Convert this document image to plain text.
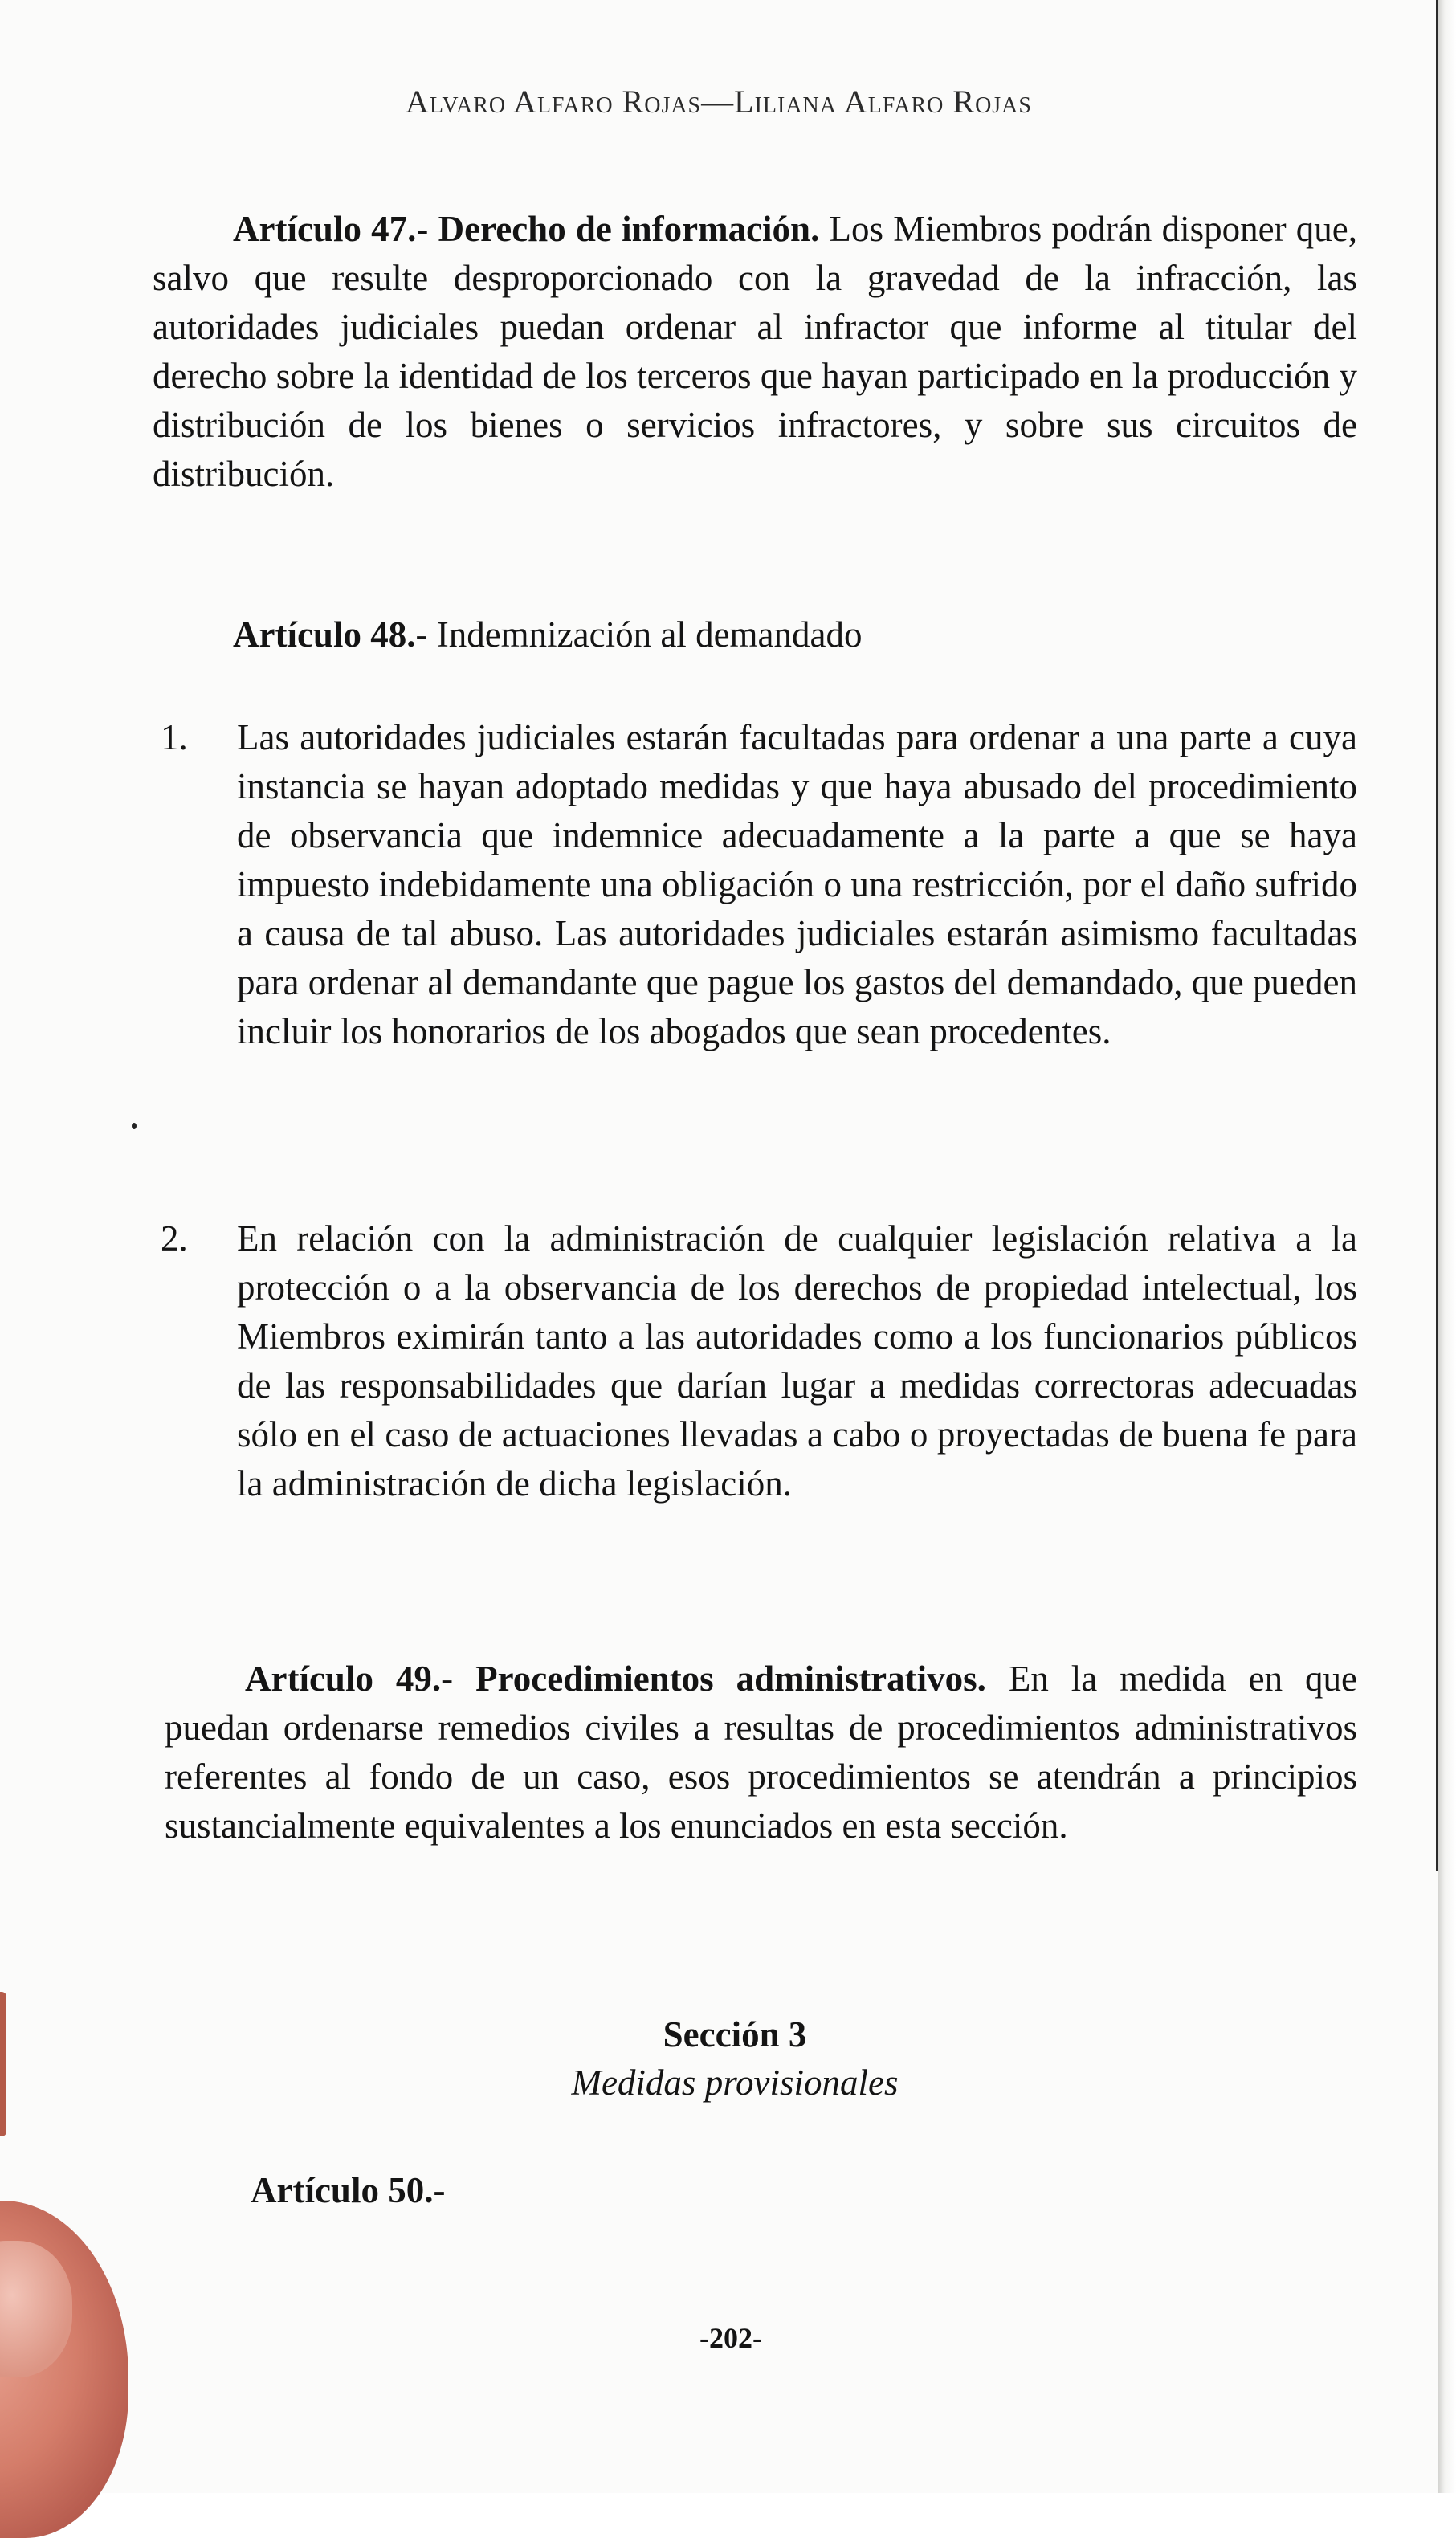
Alvaro Alfaro Rojas—Liliana Alfaro Rojas

Artículo 47.- Derecho de información. Los Miembros podrán disponer que, salvo que resulte desproporcionado con la gravedad de la infracción, las autoridades judiciales puedan ordenar al infractor que informe al titular del derecho sobre la identidad de los terceros que hayan participado en la producción y distribución de los bienes o servicios infractores, y sobre sus circuitos de distribución.

Artículo 48.- Indemnización al demandado
1. Las autoridades judiciales estarán facultadas para ordenar a una parte a cuya instancia se hayan adoptado medidas y que haya abusado del procedimiento de observancia que indemnice adecuadamente a la parte a que se haya impuesto indebidamente una obligación o una restricción, por el daño sufrido a causa de tal abuso. Las autoridades judiciales estarán asimismo facultadas para ordenar al demandante que pague los gastos del demandado, que pueden incluir los honorarios de los abogados que sean procedentes.
2. En relación con la administración de cualquier legislación relativa a la protección o a la observancia de los derechos de propiedad intelectual, los Miembros eximirán tanto a las autoridades como a los funcionarios públicos de las responsabilidades que darían lugar a medidas correctoras adecuadas sólo en el caso de actuaciones llevadas a cabo o proyectadas de buena fe para la administración de dicha legislación.

Artículo 49.- Procedimientos administrativos. En la medida en que puedan ordenarse remedios civiles a resultas de procedimientos administrativos referentes al fondo de un caso, esos procedimientos se atendrán a principios sustancialmente equivalentes a los enunciados en esta sección.

Sección 3
Medidas provisionales
Artículo 50.-
-202-
